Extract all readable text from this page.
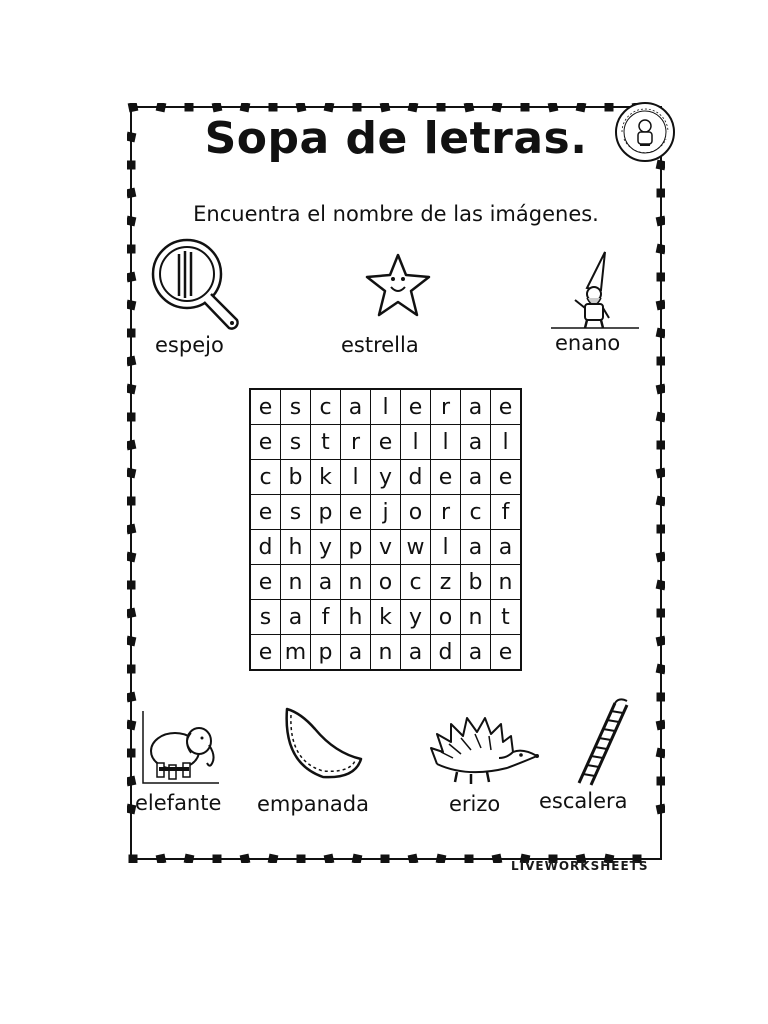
Sopa de letras.
Encuentra el nombre de las imágenes.
espejo	estrella	enano
e	s	c	a	l	e	r	a	e
e	s	t	r	e	l	l	a	l
c	b	k	l	y	d	e	a	e
e	s	p	e	j	o	r	c	f
d	h	y	p	v	w	l	a	a
e	n	a	n	o	c	z	b	n
s	a	f	h	k	y	o	n	t
e	m	p	a	n	a	d	a	e
elefante empanada	erizo escalera
LIVEWORKSHEETS
